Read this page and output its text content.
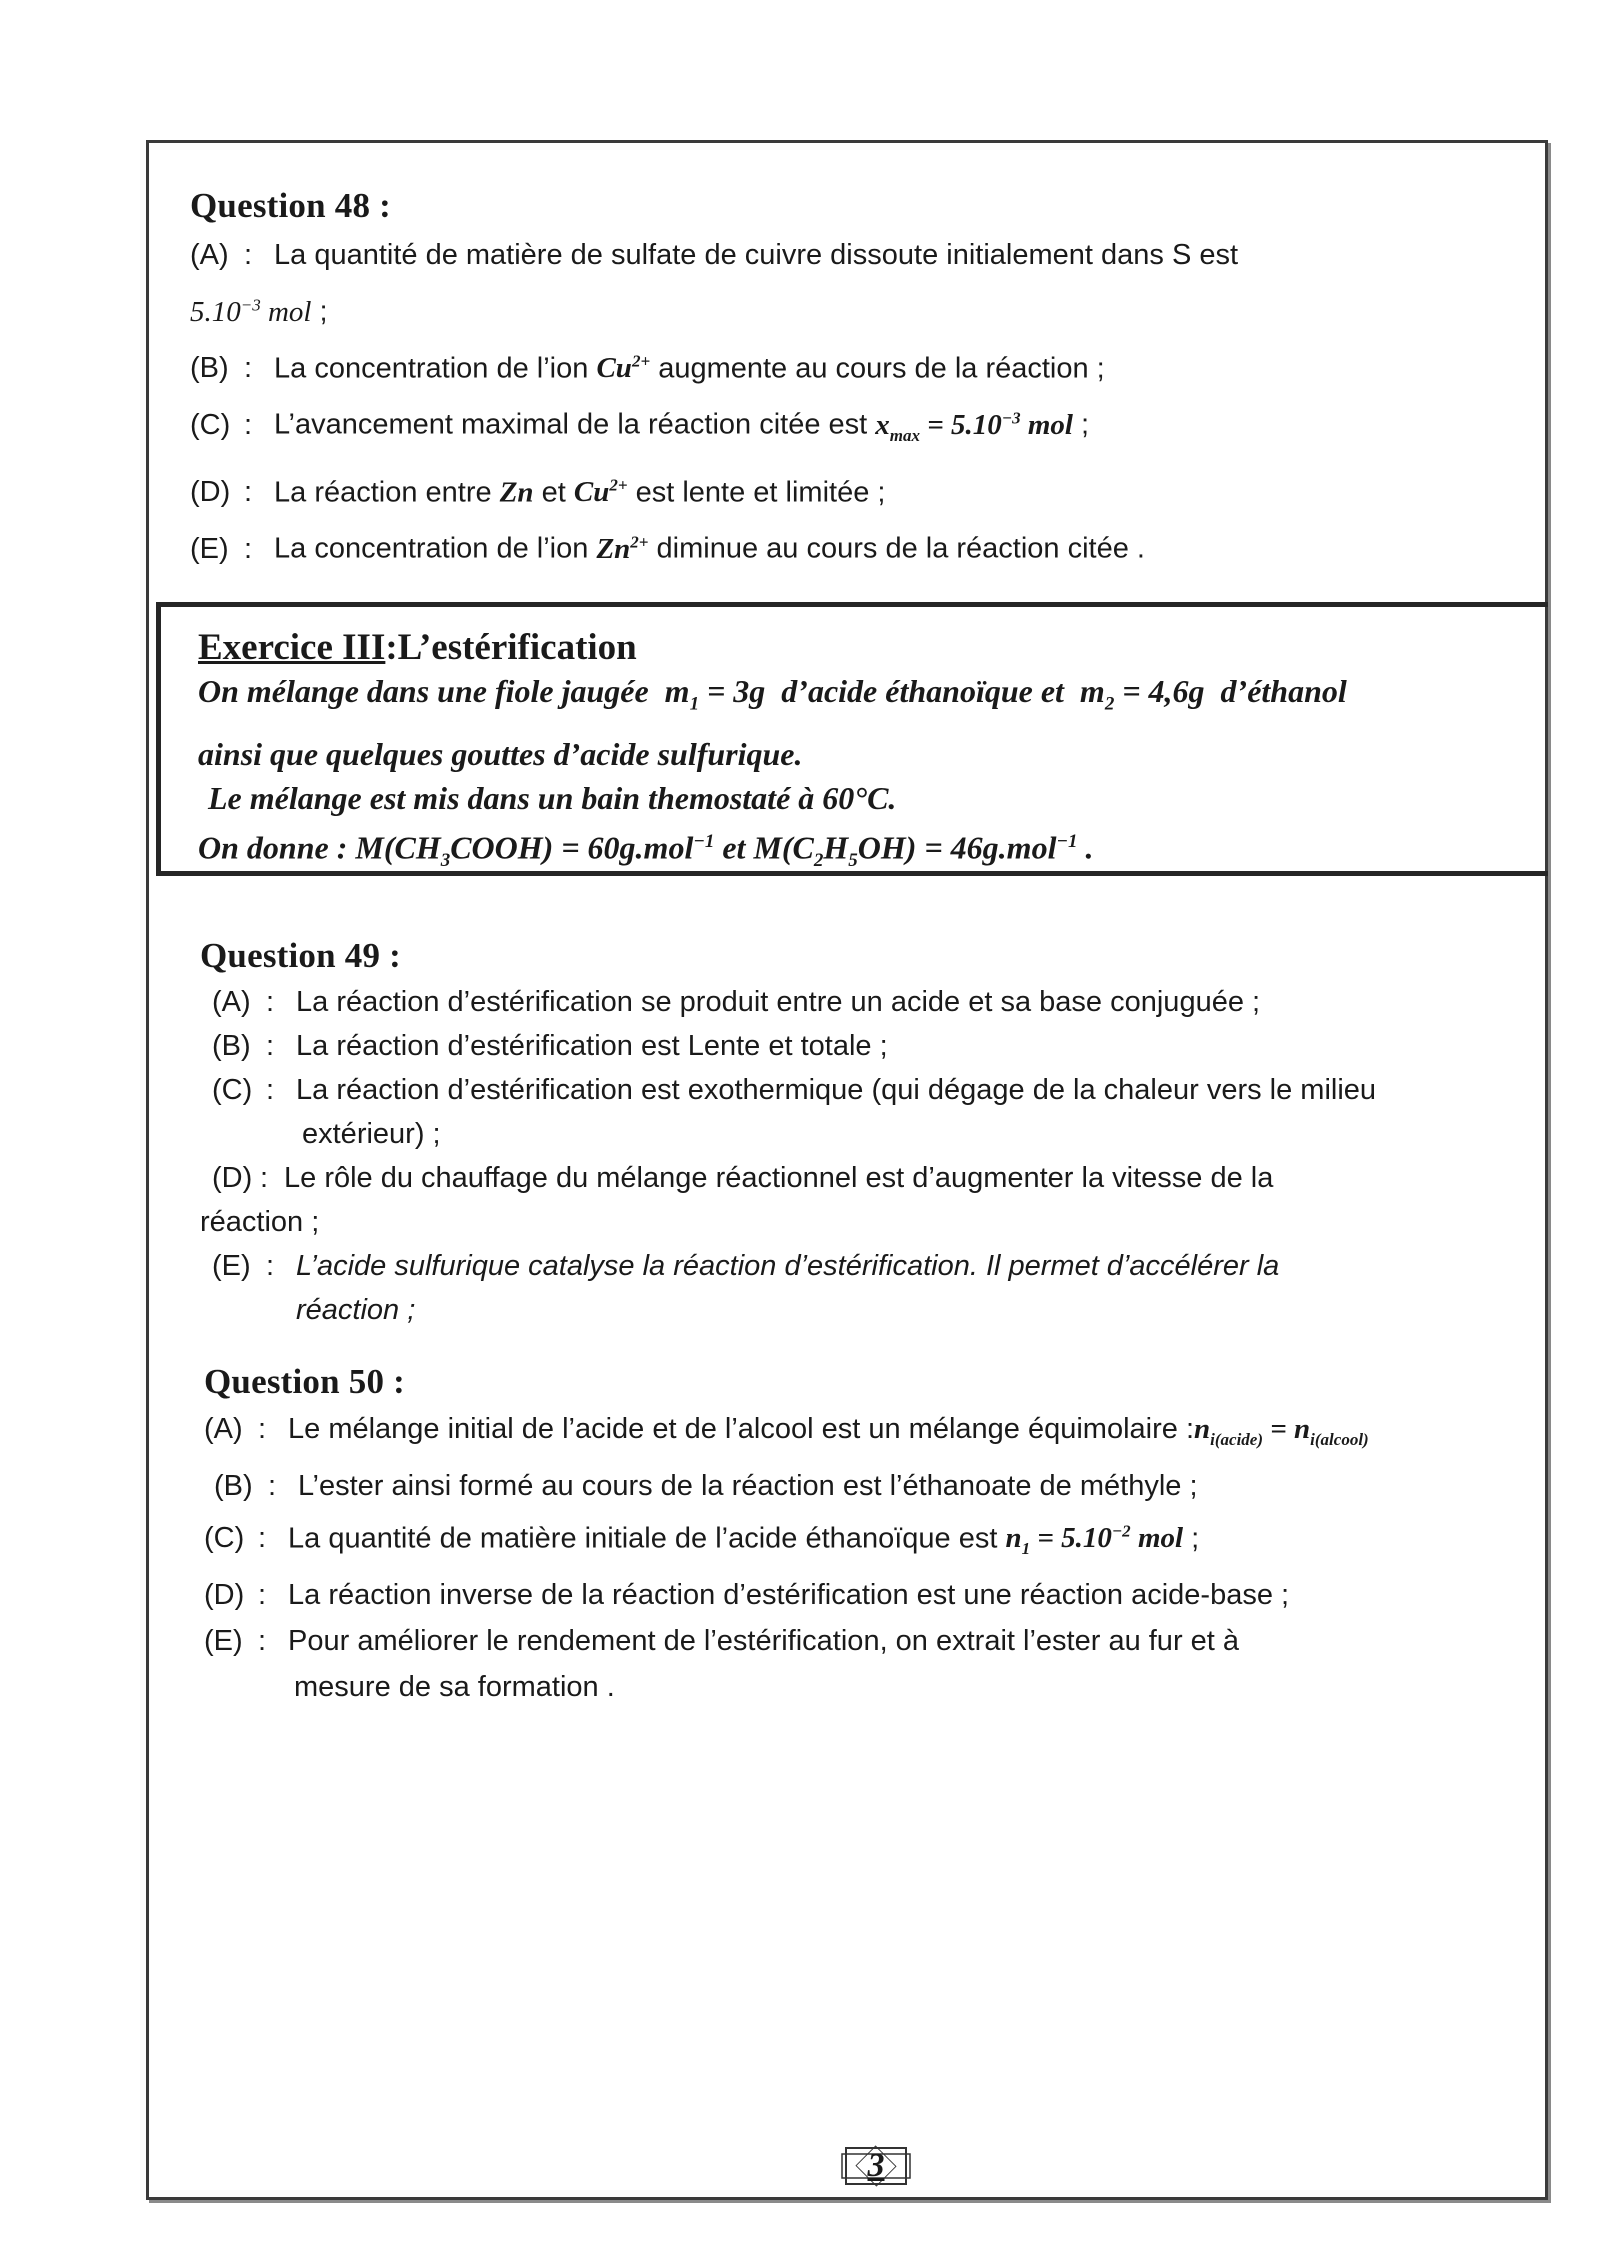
Question 48 :
(A) : La quantité de matière de sulfate de cuivre dissoute initialement dans S est
$5.10^{-3}$ mol ;
(B) : La concentration de l’ion $Cu^{2+}$ augmente au cours de la réaction ;
(C) : L’avancement maximal de la réaction citée est $x_{max} = 5.10^{-3}$ mol ;
(D) : La réaction entre Zn et $Cu^{2+}$ est lente et limitée ;
(E) : La concentration de l’ion $Zn^{2+}$ diminue au cours de la réaction citée .
Exercice III:L’estérification
On mélange dans une fiole jaugée $m_1 = 3g$ d’acide éthanoïque et $m_2 = 4,6g$ d’éthanol
ainsi que quelques gouttes d’acide sulfurique.
Le mélange est mis dans un bain themostaté à 60°C.
On donne : $M(CH_3COOH) = 60g.mol^{-1}$ et $M(C_2H_5OH) = 46g.mol^{-1}$ .
Question 49 :
(A) : La réaction d’estérification se produit entre un acide et sa base conjuguée ;
(B) : La réaction d’estérification est Lente et totale ;
(C) : La réaction d’estérification est exothermique (qui dégage de la chaleur vers le milieu
extérieur) ;
(D) : Le rôle du chauffage du mélange réactionnel est d’augmenter la vitesse de la
réaction ;
(E) : L’acide sulfurique catalyse la réaction d’estérification. Il permet d’accélérer la
réaction ;
Question 50 :
(A) : Le mélange initial de l’acide et de l’alcool est un mélange équimolaire $:n_{i(acide)} = n_{i(alcool)}$
(B) : L’ester ainsi formé au cours de la réaction est l’éthanoate de méthyle ;
(C) : La quantité de matière initiale de l’acide éthanoïque est $n_1 = 5.10^{-2}$ mol ;
(D) : La réaction inverse de la réaction d’estérification est une réaction acide-base ;
(E) : Pour améliorer le rendement de l’estérification, on extrait l’ester au fur et à
mesure de sa formation .
3
